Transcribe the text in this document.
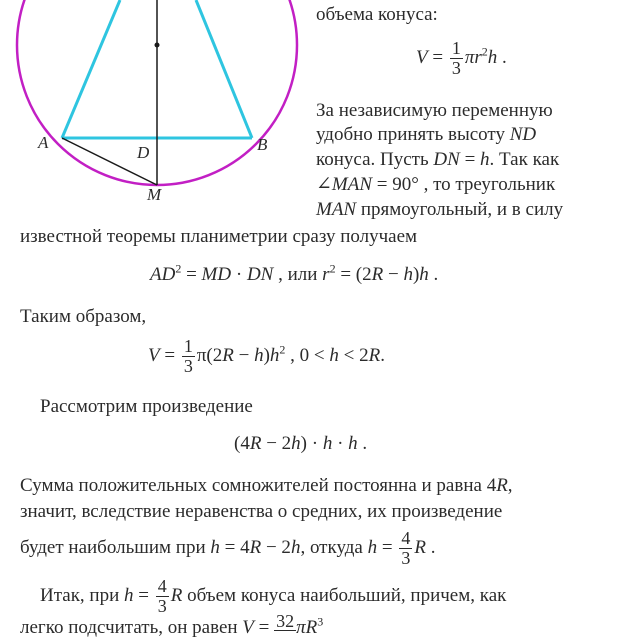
A
D	B
M
объема конуса:
$V = \frac{1}{3} \pi r^2h$ .
За независимую переменную
удобно принять высоту ND
конуса. Пусть DN = h. Так как
∠MAN = 90° , то треугольник
MAN прямоугольный, и в силу
известной теоремы планиметрии сразу получаем
$AD^2$ = MD · DN , или $r^2 = (2R - h)h$ .
Таким образом,
$V = \frac{1}{3} \pi(2R - h)h^2$ , 0 < h < 2R.
Рассмотрим произведение
(4R − 2h) · h · h .
Сумма положительных сомножителей постоянна и равна 4R,
значит, вследствие неравенства о средних, их произведение
будет наибольшим при h = 4R − 2h, откуда $h = \frac{4}{3}$ R .
Итак, при $h = \frac{4}{3}$ R объем конуса наибольший, причем, как
легко подсчитать, он равен V = 32 $\pi R^3$
